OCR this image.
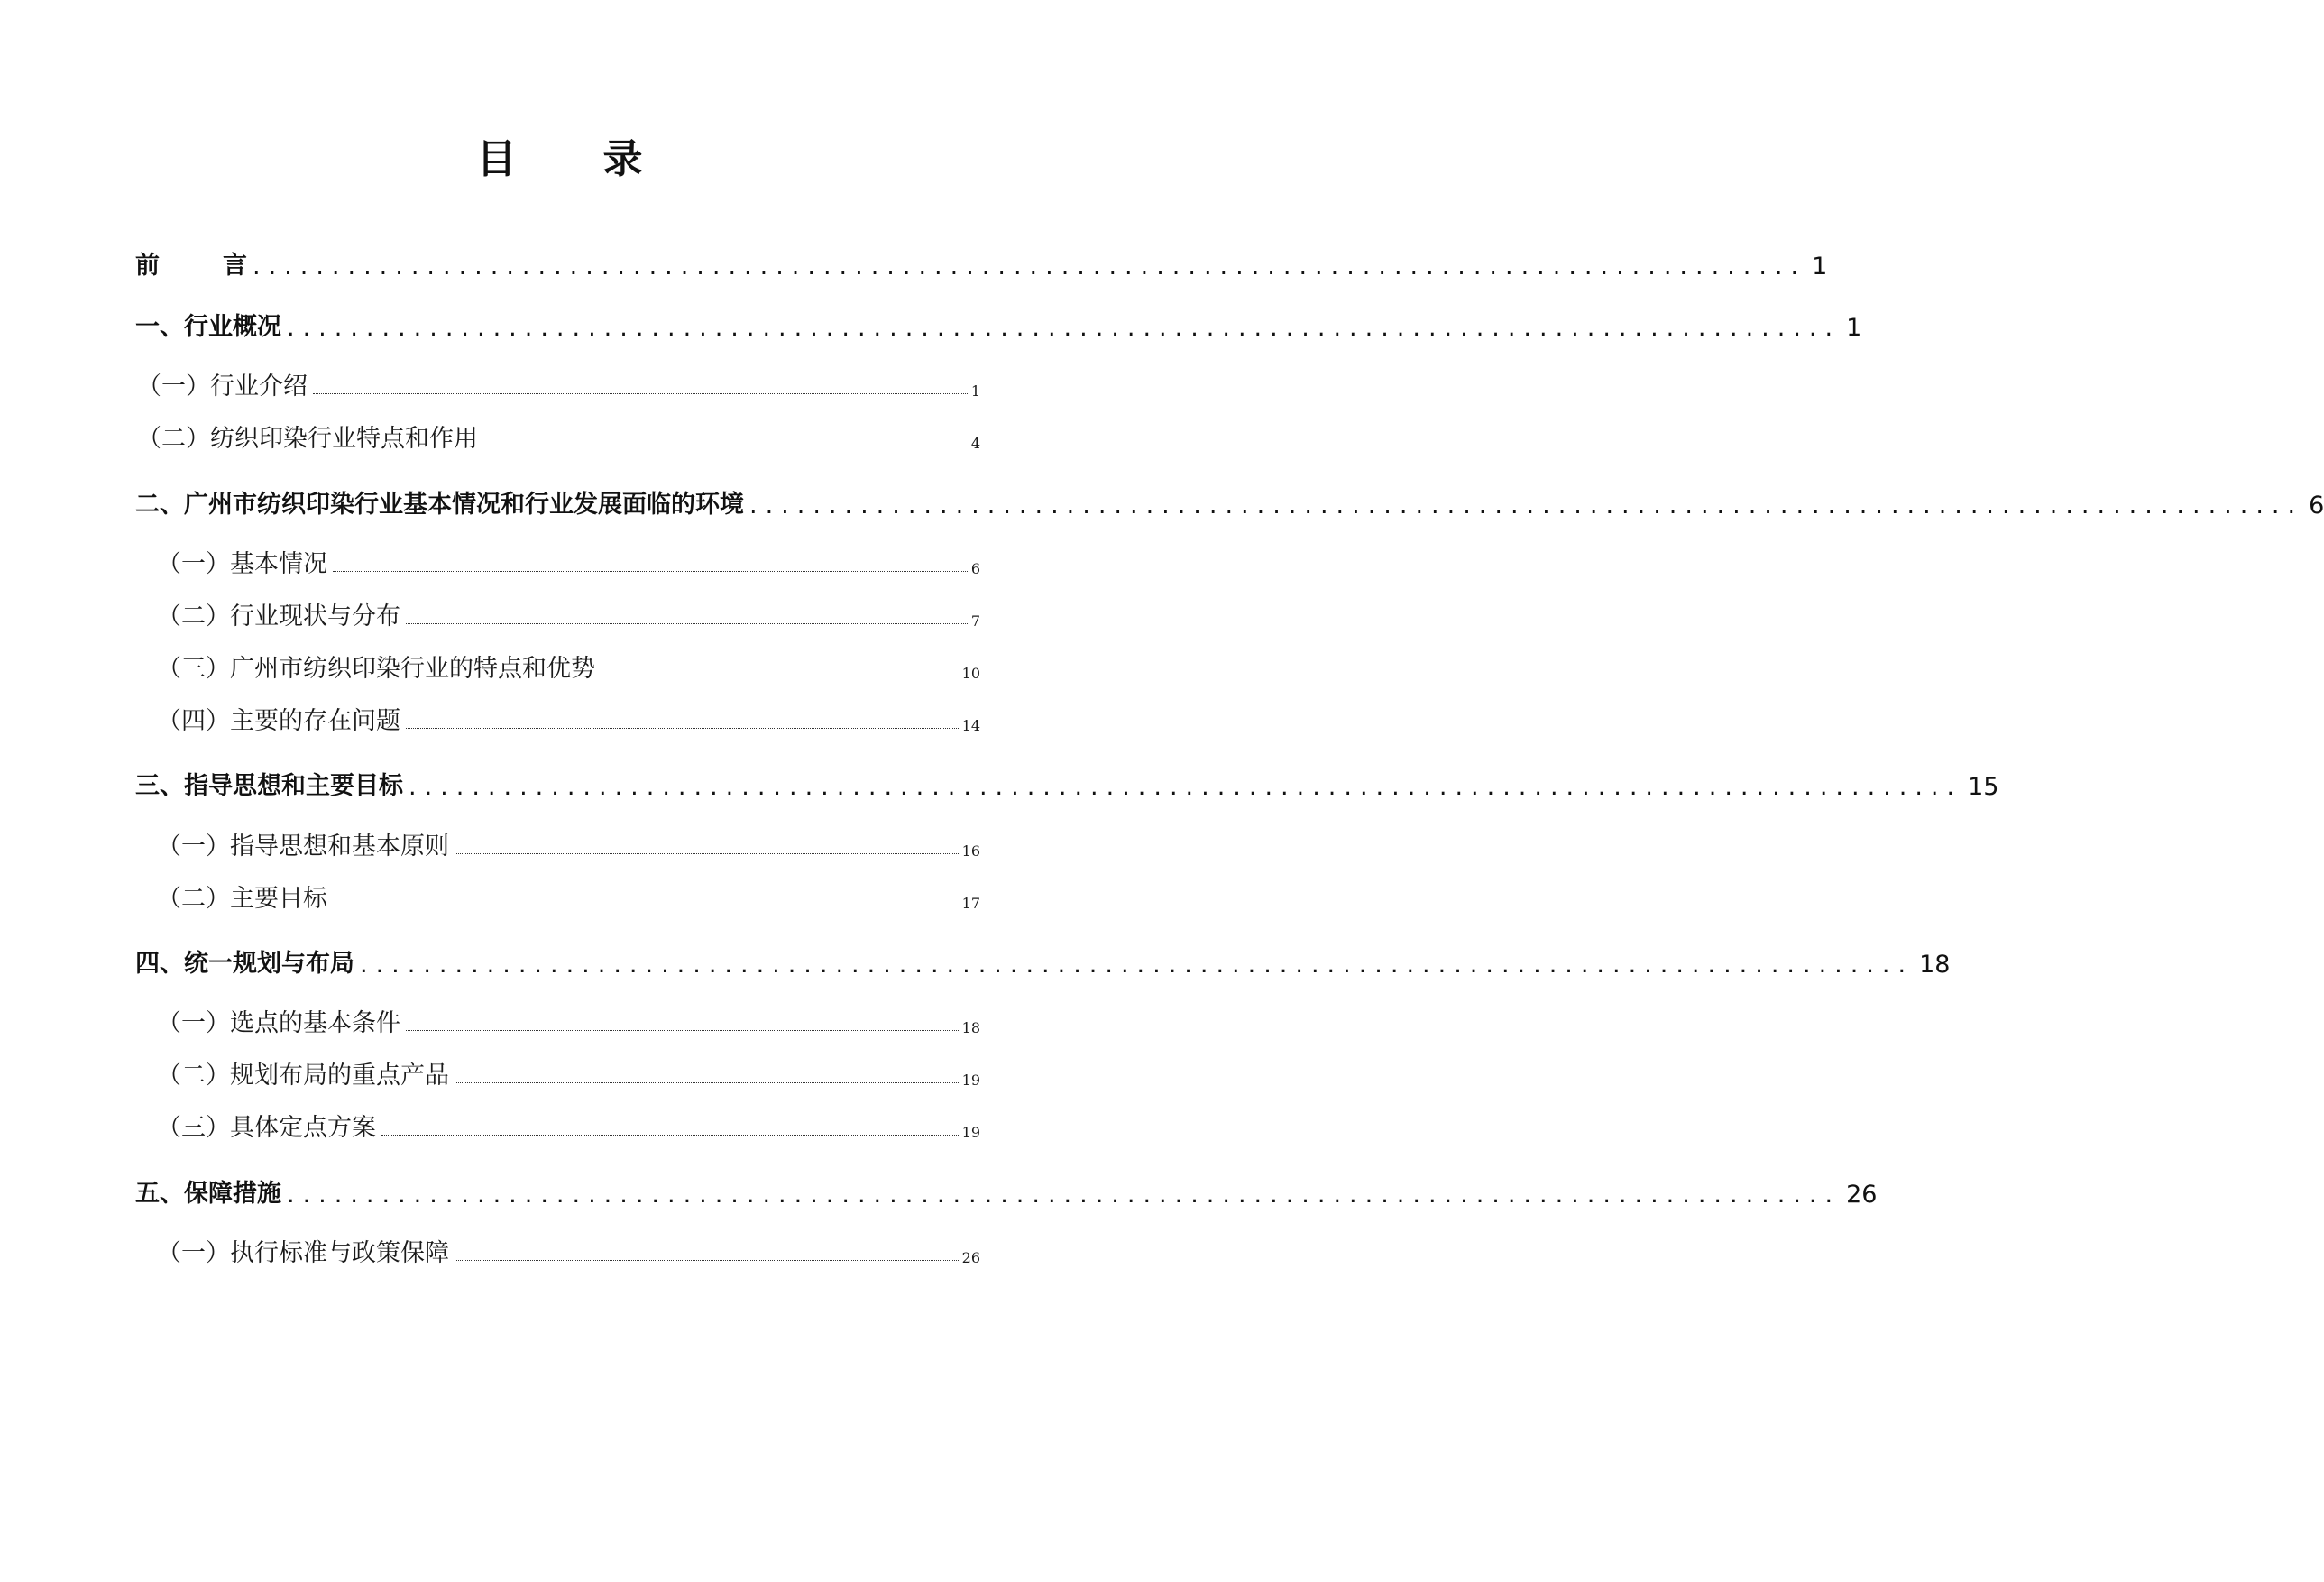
目 录
前	言 .................................................................................................. 1
一、行业概况 .................................................................................................. 1
（一）行业介绍	1
（二）纺织印染行业特点和作用	4
二、广州市纺织印染行业基本情况和行业发展面临的环境 .................................................................................................. 6
（一）基本情况	6
（二）行业现状与分布	7
（三）广州市纺织印染行业的特点和优势	10
（四）主要的存在问题	14
三、指导思想和主要目标 .................................................................................................. 15
（一）指导思想和基本原则	16
（二）主要目标	17
四、统一规划与布局 .................................................................................................. 18
（一）选点的基本条件	18
（二）规划布局的重点产品	19
（三）具体定点方案	19
五、保障措施 .................................................................................................. 26
（一）执行标准与政策保障	26
